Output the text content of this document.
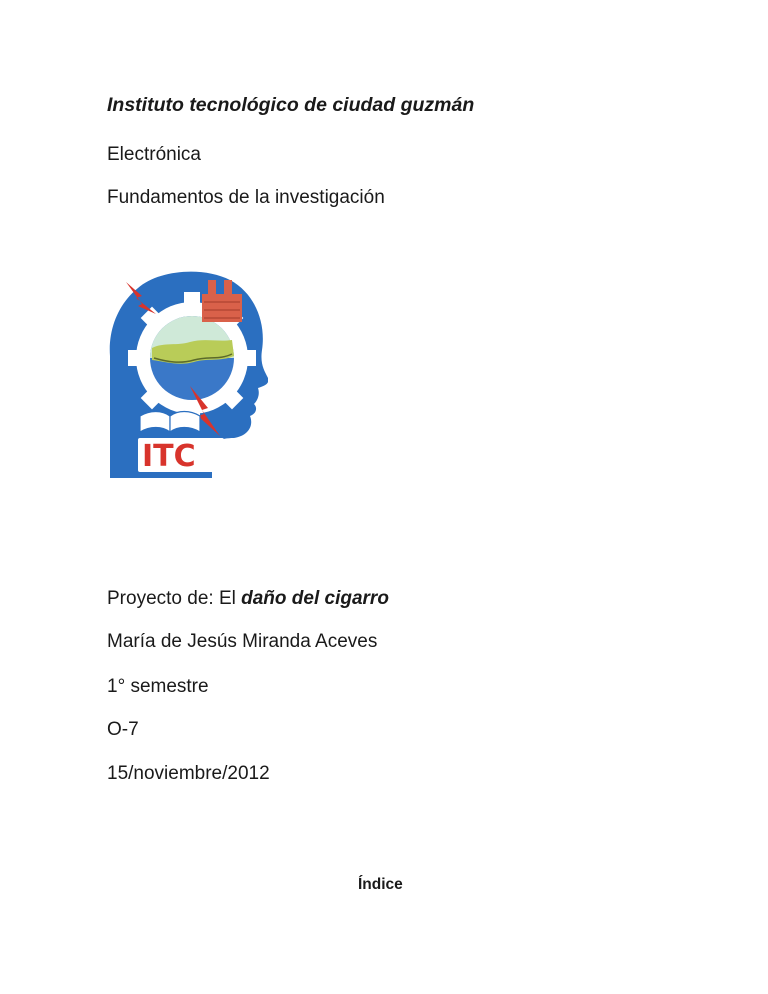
Instituto tecnológico de ciudad guzmán
Electrónica
Fundamentos de la investigación
ITC
Proyecto de: El daño del cigarro
María de Jesús Miranda Aceves
1° semestre
O-7
15/noviembre/2012
Índice
